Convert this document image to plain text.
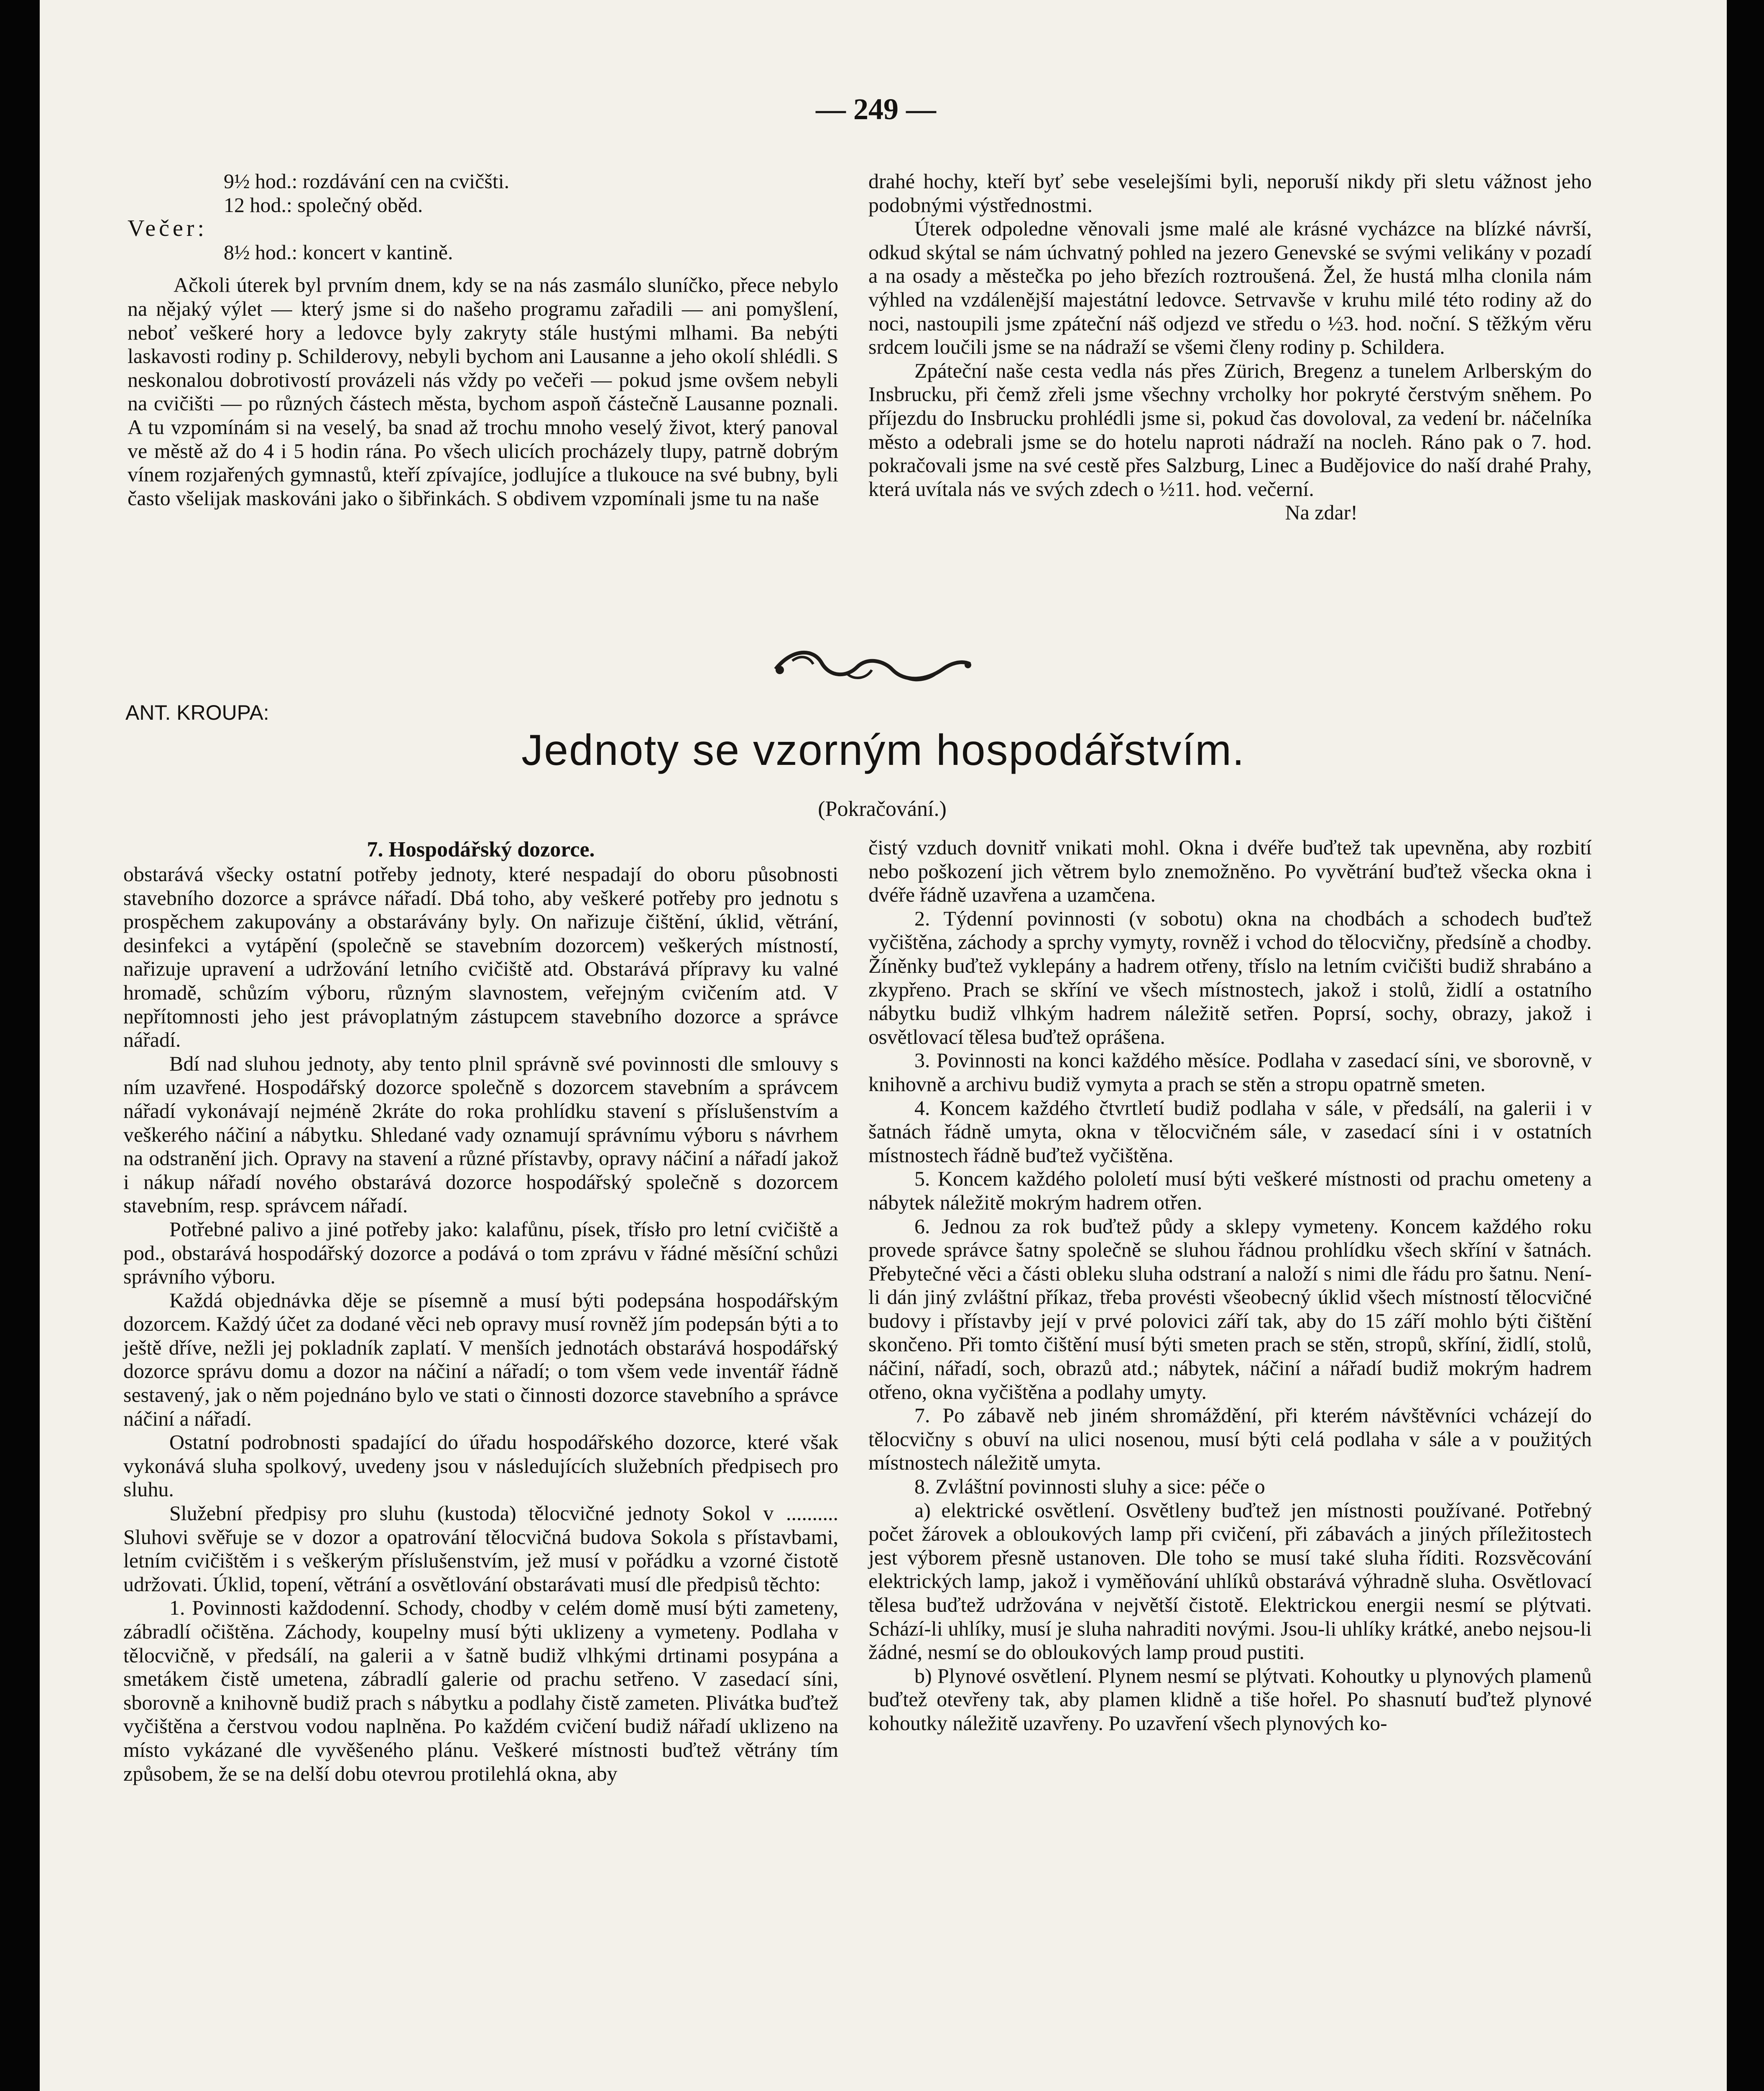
— 249 —

9½ hod.: rozdávání cen na cvičšti.

12 hod.: společný oběd.

Večer:

8½ hod.: koncert v kantině.

Ačkoli úterek byl prvním dnem, kdy se na nás zasmálo sluníčko, přece nebylo na nějaký výlet — který jsme si do našeho programu zařadili — ani pomyšlení, neboť veškeré hory a ledovce byly zakryty stále hustými mlhami. Ba nebýti laskavosti rodiny p. Schilderovy, nebyli bychom ani Lausanne a jeho okolí shlédli. S neskonalou dobrotivostí provázeli nás vždy po večeři — pokud jsme ovšem nebyli na cvičišti — po různých částech města, bychom aspoň částečně Lausanne poznali. A tu vzpomínám si na veselý, ba snad až trochu mnoho veselý život, který panoval ve městě až do 4 i 5 hodin rána. Po všech ulicích procházely tlupy, patrně dobrým vínem rozjařených gymnastů, kteří zpívajíce, jodlujíce a tlukouce na své bubny, byli často všelijak maskováni jako o šibřinkách. S obdivem vzpomínali jsme tu na naše

drahé hochy, kteří byť sebe veselejšími byli, neporuší nikdy při sletu vážnost jeho podobnými výstřednostmi.

Úterek odpoledne věnovali jsme malé ale krásné vycházce na blízké návrší, odkud skýtal se nám úchvatný pohled na jezero Genevské se svými velikány v pozadí a na osady a městečka po jeho březích roztroušená. Žel, že hustá mlha clonila nám výhled na vzdálenější majestátní ledovce. Setrvavše v kruhu milé této rodiny až do noci, nastoupili jsme zpáteční náš odjezd ve středu o ½3. hod. noční. S těžkým věru srdcem loučili jsme se na nádraží se všemi členy rodiny p. Schildera.

Zpáteční naše cesta vedla nás přes Zürich, Bregenz a tunelem Arlberským do Insbrucku, při čemž zřeli jsme všechny vrcholky hor pokryté čerstvým sněhem. Po příjezdu do Insbrucku prohlédli jsme si, pokud čas dovoloval, za vedení br. náčelníka město a odebrali jsme se do hotelu naproti nádraží na nocleh. Ráno pak o 7. hod. pokračovali jsme na své cestě přes Salzburg, Linec a Budějovice do naší drahé Prahy, která uvítala nás ve svých zdech o ½11. hod. večerní.

Na zdar!

ANT. KROUPA:
Jednoty se vzorným hospodářstvím.
(Pokračování.)
7. Hospodářský dozorce.

obstarává všecky ostatní potřeby jednoty, které nespadají do oboru působnosti stavebního dozorce a správce nářadí. Dbá toho, aby veškeré potřeby pro jednotu s prospěchem zakupovány a obstarávány byly. On nařizuje čištění, úklid, větrání, desinfekci a vytápění (společně se stavebním dozorcem) veškerých místností, nařizuje upravení a udržování letního cvičiště atd. Obstarává přípravy ku valné hromadě, schůzím výboru, různým slavnostem, veřejným cvičením atd. V nepřítomnosti jeho jest právoplatným zástupcem stavebního dozorce a správce nářadí.

Bdí nad sluhou jednoty, aby tento plnil správně své povinnosti dle smlouvy s ním uzavřené. Hospodářský dozorce společně s dozorcem stavebním a správcem nářadí vykonávají nejméně 2kráte do roka prohlídku stavení s příslušenstvím a veškerého náčiní a nábytku. Shledané vady oznamují správnímu výboru s návrhem na odstranění jich. Opravy na stavení a různé přístavby, opravy náčiní a nářadí jakož i nákup nářadí nového obstarává dozorce hospodářský společně s dozorcem stavebním, resp. správcem nářadí.

Potřebné palivo a jiné potřeby jako: kalafůnu, písek, třísło pro letní cvičiště a pod., obstarává hospodářský dozorce a podává o tom zprávu v řádné měsíční schůzi správního výboru.

Každá objednávka děje se písemně a musí býti podepsána hospodářským dozorcem. Každý účet za dodané věci neb opravy musí rovněž jím podepsán býti a to ještě dříve, nežli jej pokladník zaplatí. V menších jednotách obstarává hospodářský dozorce správu domu a dozor na náčiní a nářadí; o tom všem vede inventář řádně sestavený, jak o něm pojednáno bylo ve stati o činnosti dozorce stavebního a správce náčiní a nářadí.

Ostatní podrobnosti spadající do úřadu hospodářského dozorce, které však vykonává sluha spolkový, uvedeny jsou v následujících služebních předpisech pro sluhu.

Služební předpisy pro sluhu (kustoda) tělocvičné jednoty Sokol v .......... Sluhovi svěřuje se v dozor a opatrování tělocvičná budova Sokola s přístavbami, letním cvičištěm i s veškerým příslušenstvím, jež musí v pořádku a vzorné čistotě udržovati. Úklid, topení, větrání a osvětlování obstarávati musí dle předpisů těchto:

1. Povinnosti každodenní. Schody, chodby v celém domě musí býti zameteny, zábradlí očištěna. Záchody, koupelny musí býti uklizeny a vymeteny. Podlaha v tělocvičně, v předsálí, na galerii a v šatně budiž vlhkými drtinami posypána a smetákem čistě umetena, zábradlí galerie od prachu setřeno. V zasedací síni, sborovně a knihovně budiž prach s nábytku a podlahy čistě zameten. Plivátka buďtež vyčištěna a čerstvou vodou naplněna. Po každém cvičení budiž nářadí uklizeno na místo vykázané dle vyvěšeného plánu. Veškeré místnosti buďtež větrány tím způsobem, že se na delší dobu otevrou protilehlá okna, aby

čistý vzduch dovnitř vnikati mohl. Okna i dvéře buďtež tak upevněna, aby rozbití nebo poškození jich větrem bylo znemožněno. Po vyvětrání buďtež všecka okna i dvéře řádně uzavřena a uzamčena.

2. Týdenní povinnosti (v sobotu) okna na chodbách a schodech buďtež vyčištěna, záchody a sprchy vymyty, rovněž i vchod do tělocvičny, předsíně a chodby. Žíněnky buďtež vyklepány a hadrem otřeny, tříslo na letním cvičišti budiž shrabáno a zkypřeno. Prach se skříní ve všech místnostech, jakož i stolů, židlí a ostatního nábytku budiž vlhkým hadrem náležitě setřen. Poprsí, sochy, obrazy, jakož i osvětlovací tělesa buďtež oprášena.

3. Povinnosti na konci každého měsíce. Podlaha v zasedací síni, ve sborovně, v knihovně a archivu budiž vymyta a prach se stěn a stropu opatrně smeten.

4. Koncem každého čtvrtletí budiž podlaha v sále, v předsálí, na galerii i v šatnách řádně umyta, okna v tělocvičném sále, v zasedací síni i v ostatních místnostech řádně buďtež vyčištěna.

5. Koncem každého pololetí musí býti veškeré místnosti od prachu ometeny a nábytek náležitě mokrým hadrem otřen.

6. Jednou za rok buďtež půdy a sklepy vymeteny. Koncem každého roku provede správce šatny společně se sluhou řádnou prohlídku všech skříní v šatnách. Přebytečné věci a části obleku sluha odstraní a naloží s nimi dle řádu pro šatnu. Není-li dán jiný zvláštní příkaz, třeba provésti všeobecný úklid všech místností tělocvičné budovy i přístavby její v prvé polovici září tak, aby do 15 září mohlo býti čištění skončeno. Při tomto čištění musí býti smeten prach se stěn, stropů, skříní, židlí, stolů, náčiní, nářadí, soch, obrazů atd.; nábytek, náčiní a nářadí budiž mokrým hadrem otřeno, okna vyčištěna a podlahy umyty.

7. Po zábavě neb jiném shromáždění, při kterém návštěvníci vcházejí do tělocvičny s obuví na ulici nosenou, musí býti celá podlaha v sále a v použitých místnostech náležitě umyta.

8. Zvláštní povinnosti sluhy a sice: péče o

a) elektrické osvětlení. Osvětleny buďtež jen místnosti používané. Potřebný počet žárovek a obloukových lamp při cvičení, při zábavách a jiných příležitostech jest výborem přesně ustanoven. Dle toho se musí také sluha říditi. Rozsvěcování elektrických lamp, jakož i vyměňování uhlíků obstarává výhradně sluha. Osvětlovací tělesa buďtež udržována v největší čistotě. Elektrickou energii nesmí se plýtvati. Schází-li uhlíky, musí je sluha nahraditi novými. Jsou-li uhlíky krátké, anebo nejsou-li žádné, nesmí se do obloukových lamp proud pustiti.

b) Plynové osvětlení. Plynem nesmí se plýtvati. Kohoutky u plynových plamenů buďtež otevřeny tak, aby plamen klidně a tiše hořel. Po shasnutí buďtež plynové kohoutky náležitě uzavřeny. Po uzavření všech plynových ko-
